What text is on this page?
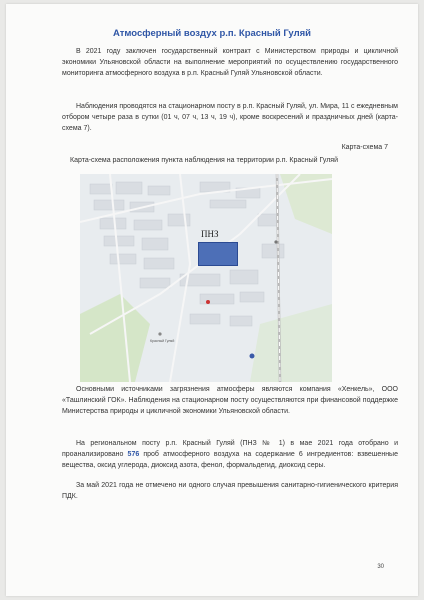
Атмосферный воздух р.п. Красный Гуляй

В 2021 году заключен государственный контракт с Министерством природы и цикличной экономики Ульяновской области на выполнение мероприятий по осуществлению государственного мониторинга атмосферного воздуха в р.п. Красный Гуляй Ульяновской области.

Наблюдения проводятся на стационарном посту в р.п. Красный Гуляй, ул. Мира, 11 с ежедневным отбором четыре раза в сутки (01 ч, 07 ч, 13 ч, 19 ч), кроме воскресений и праздничных дней (карта-схема 7).

Карта-схема 7
Карта-схема расположения пункта наблюдения на территории р.п. Красный Гуляй
ПНЗ
Красный Гуляй

Основными источниками загрязнения атмосферы являются компания «Хенкель», ООО «Ташлинский ГОК». Наблюдения на стационарном посту осуществляются при финансовой поддержке Министерства природы и цикличной экономики Ульяновской области.

На региональном посту р.п. Красный Гуляй (ПНЗ № 1) в мае 2021 года отобрано и проанализировано 576 проб атмосферного воздуха на содержание 6 ингредиентов: взвешенные вещества, оксид углерода, диоксид азота, фенол, формальдегид, диоксид серы.

За май 2021 года не отмечено ни одного случая превышения санитарно-гигиенического критерия ПДК.

30
